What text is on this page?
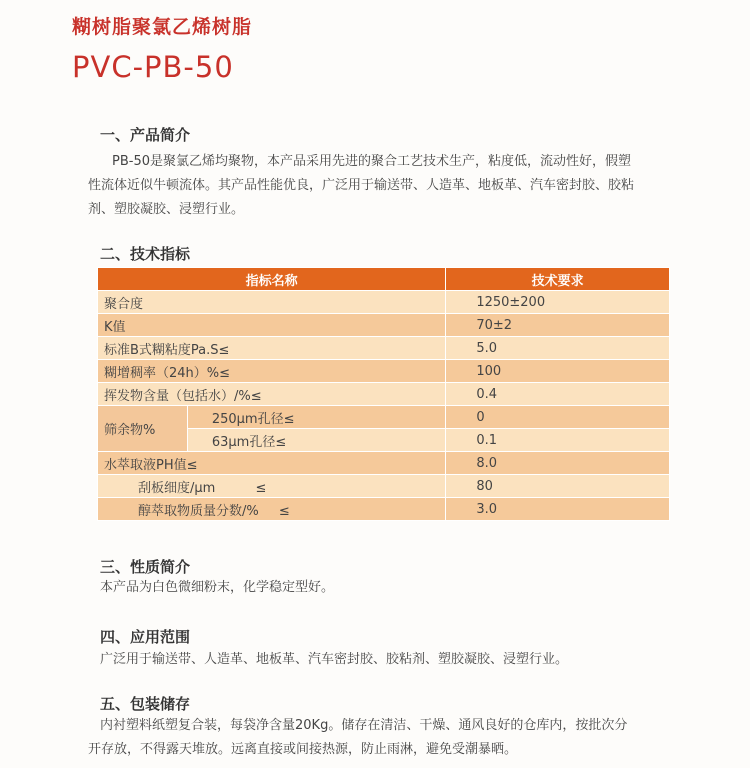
糊树脂聚氯乙烯树脂
PVC-PB-50
一、产品简介
PB-50是聚氯乙烯均聚物，本产品采用先进的聚合工艺技术生产，粘度低，流动性好，假塑
性流体近似牛顿流体。其产品性能优良，广泛用于输送带、人造革、地板革、汽车密封胶、胶粘
剂、塑胶凝胶、浸塑行业。
二、技术指标
指标名称		技术要求
聚合度		1250±200
K值		70±2
标准B式糊粘度Pa.S≤		5.0
糊增稠率（24h）%≤		100
挥发物含量（包括水）/%≤		0.4
筛余物%	250μm孔径≤	0
	63μm孔径≤	0.1
水萃取液PH值≤		8.0
刮板细度/μm ≤		80
醇萃取物质量分数/% ≤		3.0
三、性质简介
本产品为白色微细粉末，化学稳定型好。
四、应用范围
广泛用于输送带、人造革、地板革、汽车密封胶、胶粘剂、塑胶凝胶、浸塑行业。
五、包装储存
内衬塑料纸塑复合装，每袋净含量20Kg。储存在清洁、干燥、通风良好的仓库内，按批次分
开存放，不得露天堆放。远离直接或间接热源，防止雨淋，避免受潮暴晒。
